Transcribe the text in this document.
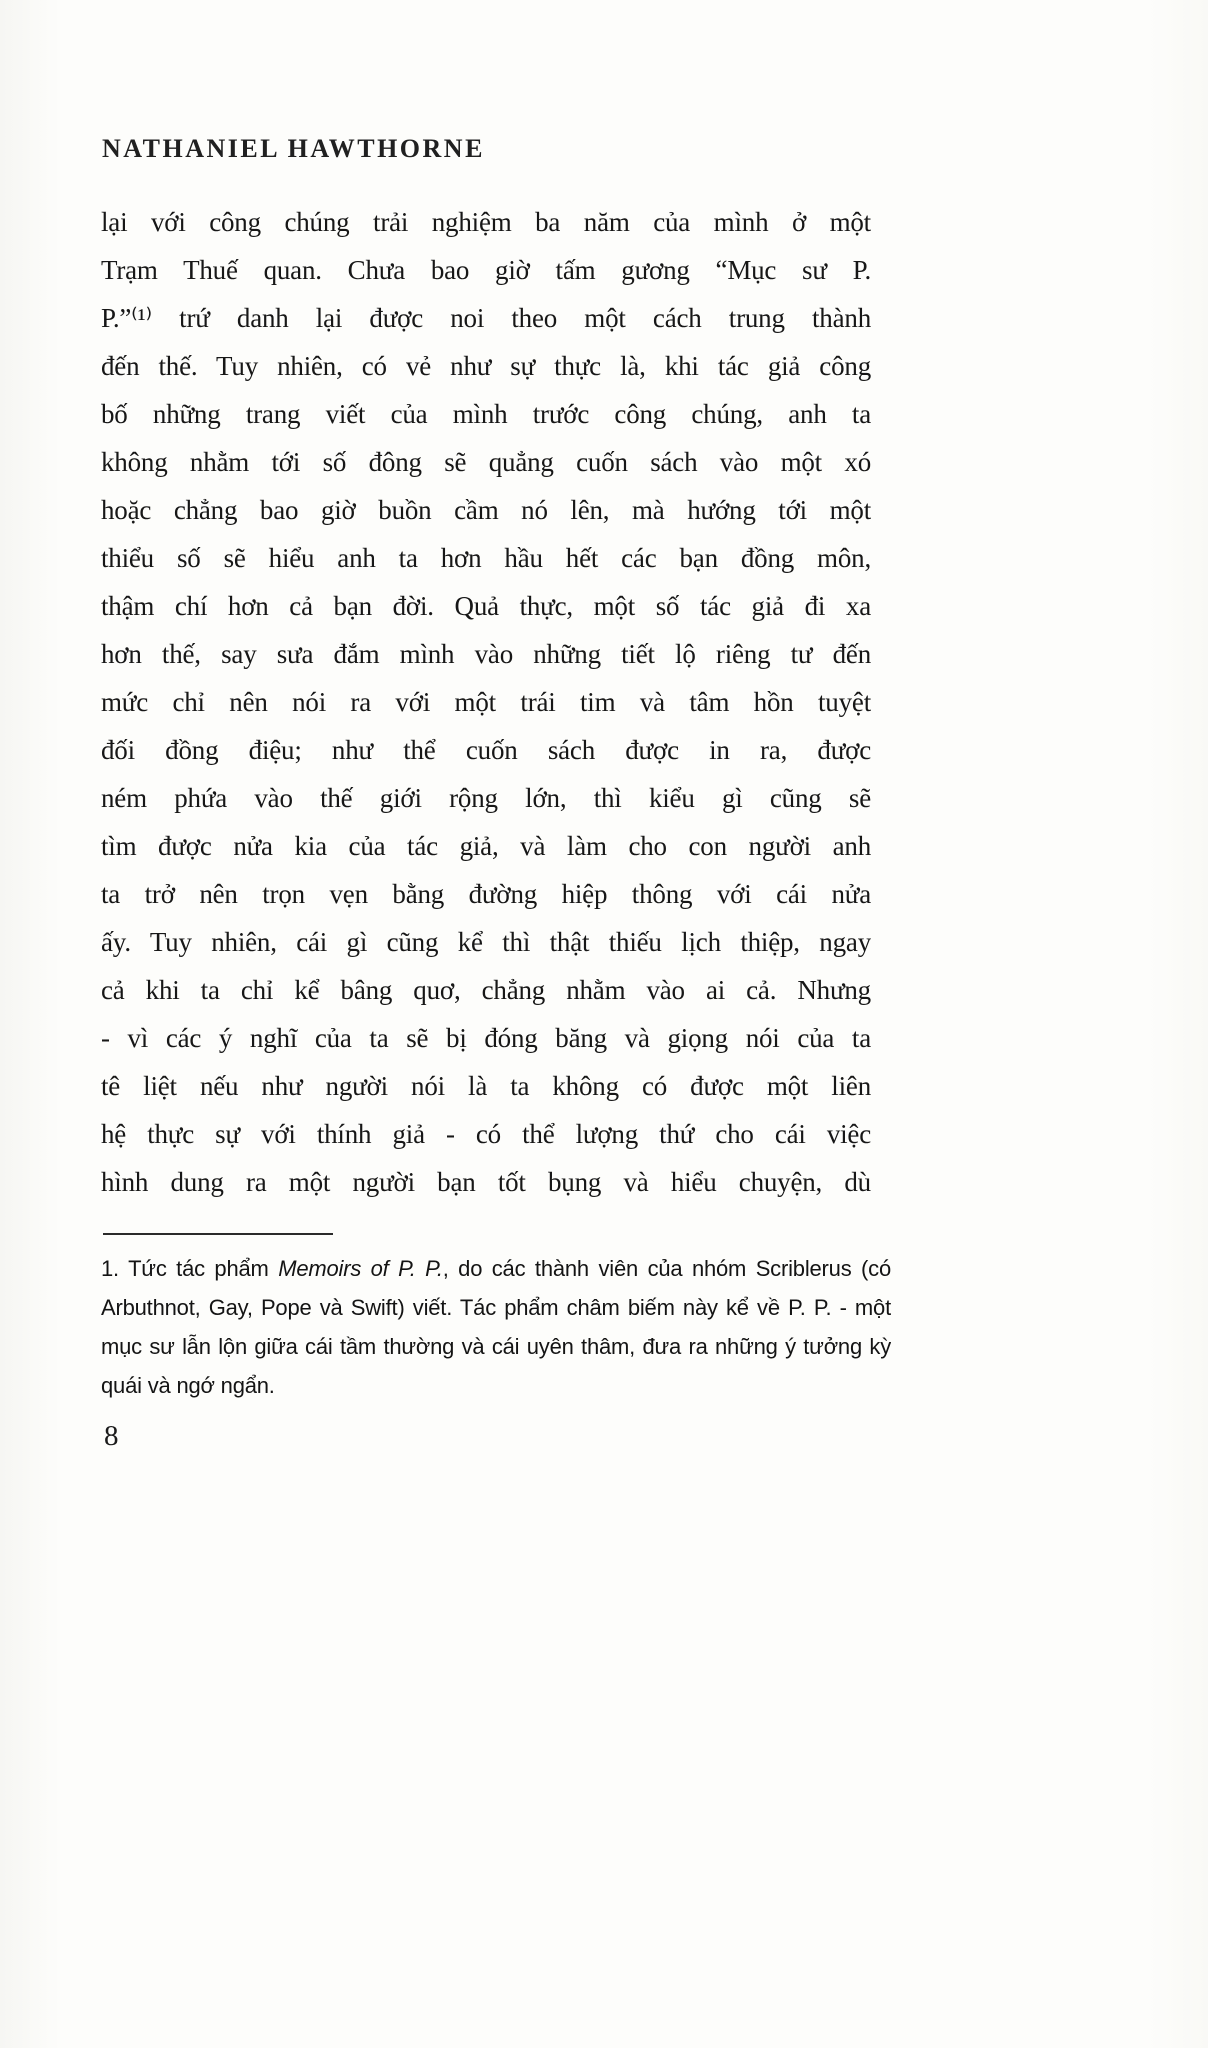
NATHANIEL HAWTHORNE
lại với công chúng trải nghiệm ba năm của mình ở một
Trạm Thuế quan. Chưa bao giờ tấm gương “Mục sư P.
P.”⁽¹⁾ trứ danh lại được noi theo một cách trung thành
đến thế. Tuy nhiên, có vẻ như sự thực là, khi tác giả công
bố những trang viết của mình trước công chúng, anh ta
không nhằm tới số đông sẽ quẳng cuốn sách vào một xó
hoặc chẳng bao giờ buồn cầm nó lên, mà hướng tới một
thiểu số sẽ hiểu anh ta hơn hầu hết các bạn đồng môn,
thậm chí hơn cả bạn đời. Quả thực, một số tác giả đi xa
hơn thế, say sưa đắm mình vào những tiết lộ riêng tư đến
mức chỉ nên nói ra với một trái tim và tâm hồn tuyệt
đối đồng điệu; như thể cuốn sách được in ra, được
ném phứa vào thế giới rộng lớn, thì kiểu gì cũng sẽ
tìm được nửa kia của tác giả, và làm cho con người anh
ta trở nên trọn vẹn bằng đường hiệp thông với cái nửa
ấy. Tuy nhiên, cái gì cũng kể thì thật thiếu lịch thiệp, ngay
cả khi ta chỉ kể bâng quơ, chẳng nhằm vào ai cả. Nhưng
- vì các ý nghĩ của ta sẽ bị đóng băng và giọng nói của ta
tê liệt nếu như người nói là ta không có được một liên
hệ thực sự với thính giả - có thể lượng thứ cho cái việc
hình dung ra một người bạn tốt bụng và hiểu chuyện, dù
1. Tức tác phẩm Memoirs of P. P., do các thành viên của nhóm Scriblerus (có
Arbuthnot, Gay, Pope và Swift) viết. Tác phẩm châm biếm này kể về P. P. - một
mục sư lẫn lộn giữa cái tầm thường và cái uyên thâm, đưa ra những ý tưởng kỳ
quái và ngớ ngẩn.
8
